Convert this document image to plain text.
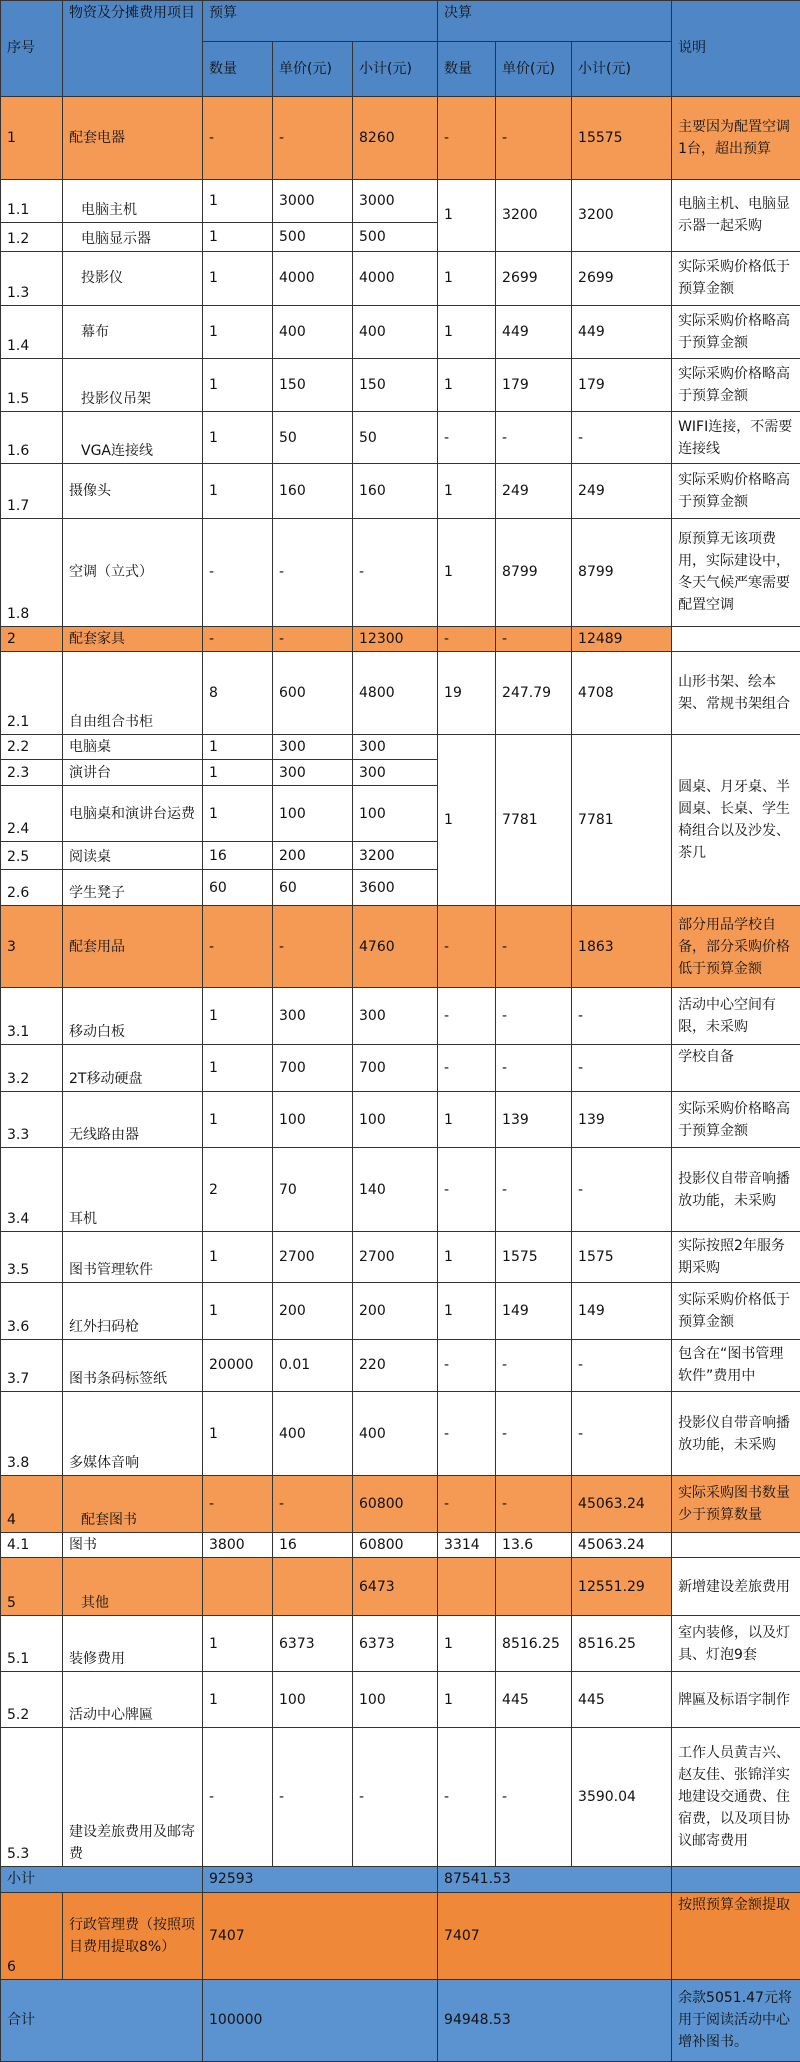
序号	物资及分摊费用项目	预算			决算			说明
		数量	单价(元)	小计(元)	数量	单价(元)	小计(元)	
1	配套电器	-	-	8260	-	-	15575	主要因为配置空调1台，超出预算
1.1	电脑主机	1	3000	3000	1	3200	3200	电脑主机、电脑显示器一起采购
1.2	电脑显示器	1	500	500				
1.3	投影仪	1	4000	4000	1	2699	2699	实际采购价格低于预算金额
1.4	幕布	1	400	400	1	449	449	实际采购价格略高于预算金额
1.5	投影仪吊架	1	150	150	1	179	179	实际采购价格略高于预算金额
1.6	VGA连接线	1	50	50	-	-	-	WIFI连接，不需要连接线
1.7	摄像头	1	160	160	1	249	249	实际采购价格略高于预算金额
1.8	空调（立式）	-	-	-	1	8799	8799	原预算无该项费用，实际建设中，冬天气候严寒需要配置空调
2	配套家具	-	-	12300	-	-	12489	
2.1	自由组合书柜	8	600	4800	19	247.79	4708	山形书架、绘本架、常规书架组合
2.2	电脑桌	1	300	300	1	7781	7781	圆桌、月牙桌、半圆桌、长桌、学生椅组合以及沙发、茶几
2.3	演讲台	1	300	300				
2.4	电脑桌和演讲台运费	1	100	100				
2.5	阅读桌	16	200	3200				
2.6	学生凳子	60	60	3600				
3	配套用品	-	-	4760	-	-	1863	部分用品学校自备，部分采购价格低于预算金额
3.1	移动白板	1	300	300	-	-	-	活动中心空间有限，未采购
3.2	2T移动硬盘	1	700	700	-	-	-	学校自备
3.3	无线路由器	1	100	100	1	139	139	实际采购价格略高于预算金额
3.4	耳机	2	70	140	-	-	-	投影仪自带音响播放功能，未采购
3.5	图书管理软件	1	2700	2700	1	1575	1575	实际按照2年服务期采购
3.6	红外扫码枪	1	200	200	1	149	149	实际采购价格低于预算金额
3.7	图书条码标签纸	20000	0.01	220	-	-	-	包含在“图书管理软件”费用中
3.8	多媒体音响	1	400	400	-	-	-	投影仪自带音响播放功能，未采购
4	配套图书	-	-	60800	-	-	45063.24	实际采购图书数量少于预算数量
4.1	图书	3800	16	60800	3314	13.6	45063.24	
5	其他			6473			12551.29	新增建设差旅费用
5.1	装修费用	1	6373	6373	1	8516.25	8516.25	室内装修，以及灯具、灯泡9套
5.2	活动中心牌匾	1	100	100	1	445	445	牌匾及标语字制作
5.3	建设差旅费用及邮寄费	-	-	-	-	-	3590.04	工作人员黄吉兴、赵友佳、张锦洋实地建设交通费、住宿费，以及项目协议邮寄费用
小计		92593			87541.53			
6	行政管理费（按照项目费用提取8%）	7407			7407			按照预算金额提取
合计		100000			94948.53			余款5051.47元将用于阅读活动中心增补图书。
